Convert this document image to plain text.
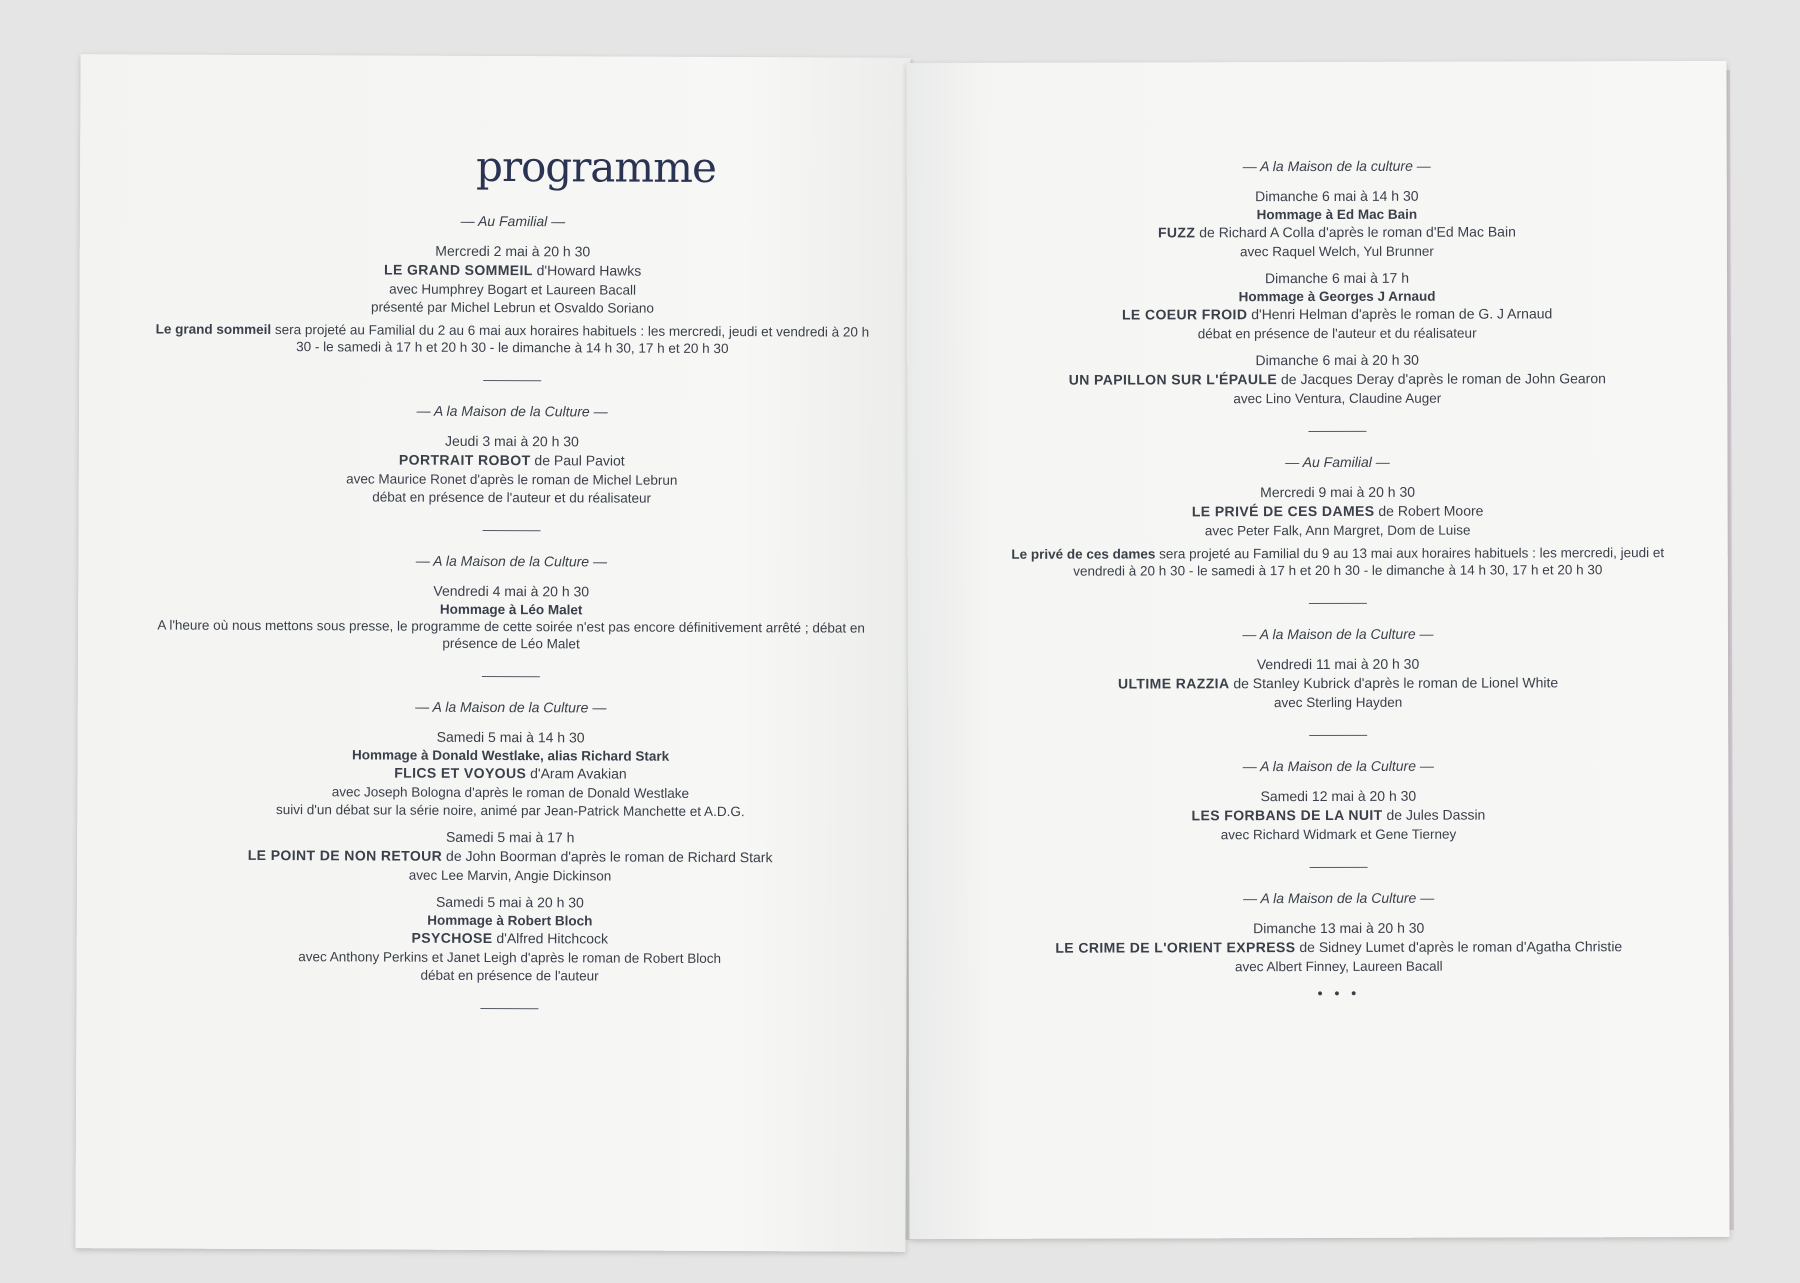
programme
— Au Familial —
Mercredi 2 mai à 20 h 30
LE GRAND SOMMEIL d'Howard Hawks
avec Humphrey Bogart et Laureen Bacall
présenté par Michel Lebrun et Osvaldo Soriano
Le grand sommeil sera projeté au Familial du 2 au 6 mai aux horaires habituels : les mercredi, jeudi et vendredi à 20 h 30 - le samedi à 17 h et 20 h 30 - le dimanche à 14 h 30, 17 h et 20 h 30
— A la Maison de la Culture —
Jeudi 3 mai à 20 h 30
PORTRAIT ROBOT de Paul Paviot
avec Maurice Ronet d'après le roman de Michel Lebrun
débat en présence de l'auteur et du réalisateur
— A la Maison de la Culture —
Vendredi 4 mai à 20 h 30
Hommage à Léo Malet
A l'heure où nous mettons sous presse, le programme de cette soirée n'est pas encore définitivement arrêté ; débat en présence de Léo Malet
— A la Maison de la Culture —
Samedi 5 mai à 14 h 30
Hommage à Donald Westlake, alias Richard Stark
FLICS ET VOYOUS d'Aram Avakian
avec Joseph Bologna d'après le roman de Donald Westlake
suivi d'un débat sur la série noire, animé par Jean-Patrick Manchette et A.D.G.
Samedi 5 mai à 17 h
LE POINT DE NON RETOUR de John Boorman d'après le roman de Richard Stark
avec Lee Marvin, Angie Dickinson
Samedi 5 mai à 20 h 30
Hommage à Robert Bloch
PSYCHOSE d'Alfred Hitchcock
avec Anthony Perkins et Janet Leigh d'après le roman de Robert Bloch
débat en présence de l'auteur
— A la Maison de la culture —
Dimanche 6 mai à 14 h 30
Hommage à Ed Mac Bain
FUZZ de Richard A Colla d'après le roman d'Ed Mac Bain
avec Raquel Welch, Yul Brunner
Dimanche 6 mai à 17 h
Hommage à Georges J Arnaud
LE COEUR FROID d'Henri Helman d'après le roman de G. J Arnaud
débat en présence de l'auteur et du réalisateur
Dimanche 6 mai à 20 h 30
UN PAPILLON SUR L'ÉPAULE de Jacques Deray d'après le roman de John Gearon
avec Lino Ventura, Claudine Auger
— Au Familial —
Mercredi 9 mai à 20 h 30
LE PRIVÉ DE CES DAMES de Robert Moore
avec Peter Falk, Ann Margret, Dom de Luise
Le privé de ces dames sera projeté au Familial du 9 au 13 mai aux horaires habituels : les mercredi, jeudi et vendredi à 20 h 30 - le samedi à 17 h et 20 h 30 - le dimanche à 14 h 30, 17 h et 20 h 30
— A la Maison de la Culture —
Vendredi 11 mai à 20 h 30
ULTIME RAZZIA de Stanley Kubrick d'après le roman de Lionel White
avec Sterling Hayden
— A la Maison de la Culture —
Samedi 12 mai à 20 h 30
LES FORBANS DE LA NUIT de Jules Dassin
avec Richard Widmark et Gene Tierney
— A la Maison de la Culture —
Dimanche 13 mai à 20 h 30
LE CRIME DE L'ORIENT EXPRESS de Sidney Lumet d'après le roman d'Agatha Christie
avec Albert Finney, Laureen Bacall
• • •
